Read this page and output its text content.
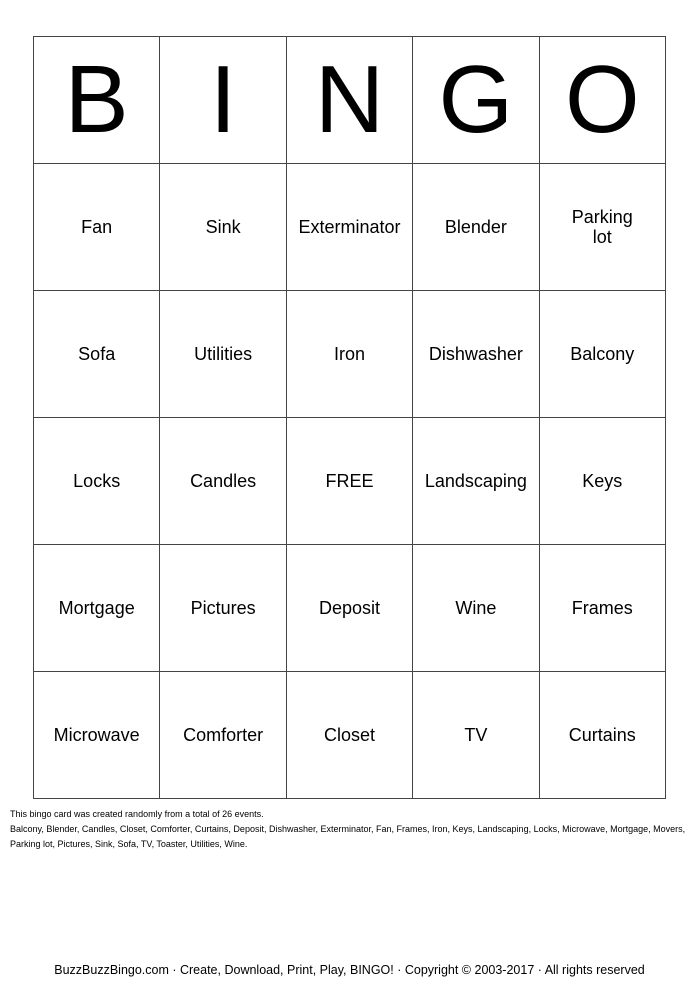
B	I	N	G	O
Fan	Sink	Exterminator	Blender	Parking lot
Sofa	Utilities	Iron	Dishwasher	Balcony
Locks	Candles	FREE	Landscaping	Keys
Mortgage	Pictures	Deposit	Wine	Frames
Microwave	Comforter	Closet	TV	Curtains
This bingo card was created randomly from a total of 26 events.
Balcony, Blender, Candles, Closet, Comforter, Curtains, Deposit, Dishwasher, Exterminator, Fan, Frames, Iron, Keys, Landscaping, Locks, Microwave, Mortgage, Movers, Parking lot, Pictures, Sink, Sofa, TV, Toaster, Utilities, Wine.
BuzzBuzzBingo.com · Create, Download, Print, Play, BINGO! · Copyright © 2003-2017 · All rights reserved
